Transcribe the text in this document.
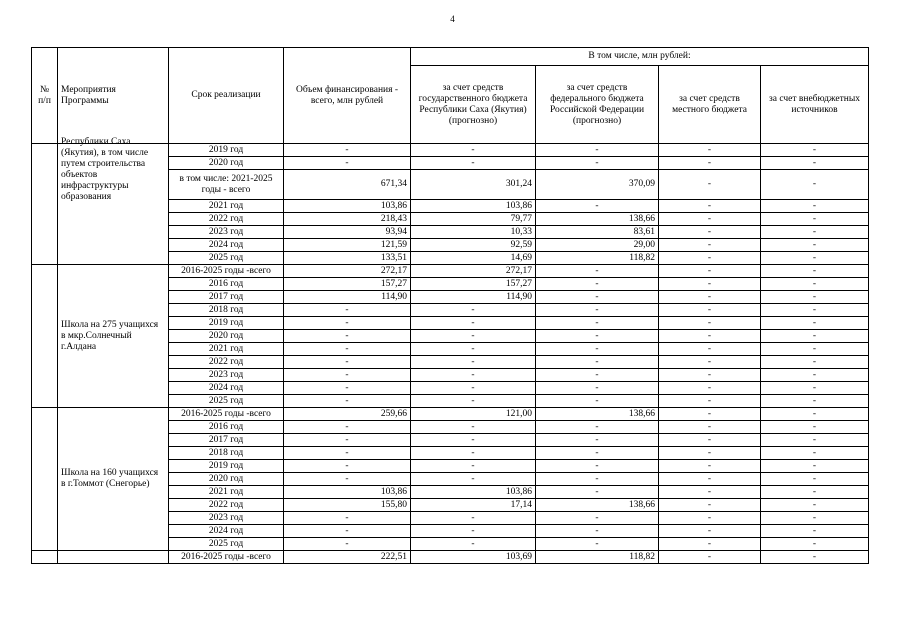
4
№ п/п	Мероприятия Программы	Срок реализации	Объем финансирования - всего, млн рублей	В том числе, млн рублей:			
				за счет средств государственного бюджета Республики Саха (Якутия) (прогнозно)	за счет средств федерального бюджета Российской Федерации (прогнозно)	за счет средств местного бюджета	за счет внебюджетных источников

	Республики Саха (Якутия), в том числе путем строительства объектов инфраструктуры образования	2019 год	-	-	-	-	-
		2020 год	-	-	-	-	-
		в том числе: 2021-2025 годы - всего	671,34	301,24	370,09	-	-
		2021 год	103,86	103,86	-	-	-
		2022 год	218,43	79,77	138,66	-	-
		2023 год	93,94	10,33	83,61	-	-
		2024 год	121,59	92,59	29,00	-	-
		2025 год	133,51	14,69	118,82	-	-

	Школа на 275 учащихся в мкр.Солнечный г.Алдана	2016-2025 годы -всего	272,17	272,17	-	-	-
		2016 год	157,27	157,27	-	-	-
		2017 год	114,90	114,90	-	-	-
		2018 год	-	-	-	-	-
		2019 год	-	-	-	-	-
		2020 год	-	-	-	-	-
		2021 год	-	-	-	-	-
		2022 год	-	-	-	-	-
		2023 год	-	-	-	-	-
		2024 год	-	-	-	-	-
		2025 год	-	-	-	-	-

	Школа на 160 учащихся в г.Томмот (Снегорье)	2016-2025 годы -всего	259,66	121,00	138,66	-	-
		2016 год	-	-	-	-	-
		2017 год	-	-	-	-	-
		2018 год	-	-	-	-	-
		2019 год	-	-	-	-	-
		2020 год	-	-	-	-	-
		2021 год	103,86	103,86	-	-	-
		2022 год	155,80	17,14	138,66	-	-
		2023 год	-	-	-	-	-
		2024 год	-	-	-	-	-
		2025 год	-	-	-	-	-

	2016-2025 годы -всего	222,51	103,69	118,82	-	-
